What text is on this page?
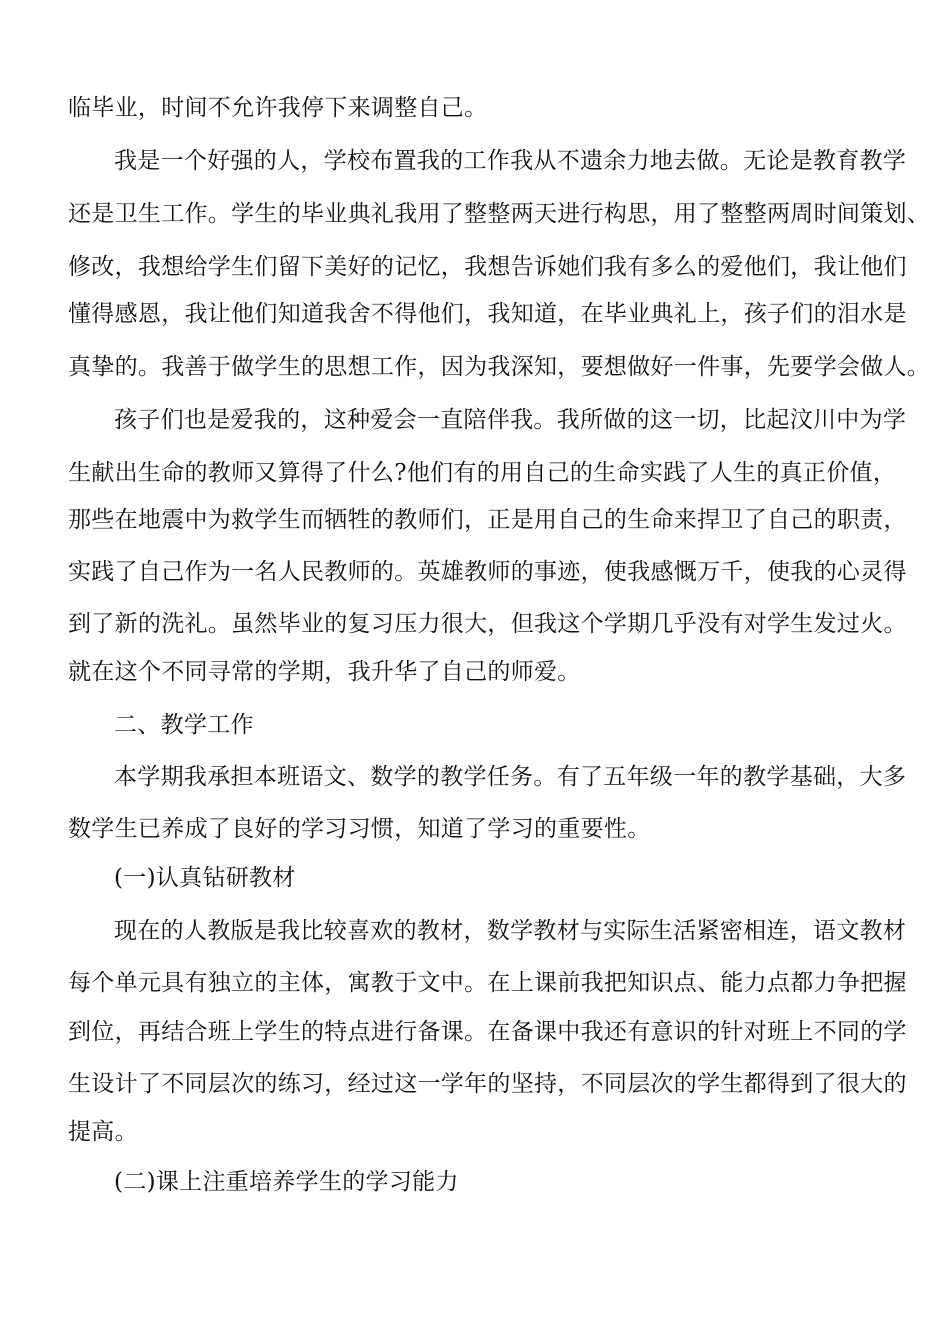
临毕业，时间不允许我停下来调整自己。
我是一个好强的人，学校布置我的工作我从不遗余力地去做。无论是教育教学
还是卫生工作。学生的毕业典礼我用了整整两天进行构思，用了整整两周时间策划、
修改，我想给学生们留下美好的记忆，我想告诉她们我有多么的爱他们，我让他们
懂得感恩，我让他们知道我舍不得他们，我知道，在毕业典礼上，孩子们的泪水是
真挚的。我善于做学生的思想工作，因为我深知，要想做好一件事，先要学会做人。
孩子们也是爱我的，这种爱会一直陪伴我。我所做的这一切，比起汶川中为学
生献出生命的教师又算得了什么?他们有的用自己的生命实践了人生的真正价值，
那些在地震中为救学生而牺牲的教师们，正是用自己的生命来捍卫了自己的职责，
实践了自己作为一名人民教师的。英雄教师的事迹，使我感慨万千，使我的心灵得
到了新的洗礼。虽然毕业的复习压力很大，但我这个学期几乎没有对学生发过火。
就在这个不同寻常的学期，我升华了自己的师爱。
二、教学工作
本学期我承担本班语文、数学的教学任务。有了五年级一年的教学基础，大多
数学生已养成了良好的学习习惯，知道了学习的重要性。
(一)认真钻研教材
现在的人教版是我比较喜欢的教材，数学教材与实际生活紧密相连，语文教材
每个单元具有独立的主体，寓教于文中。在上课前我把知识点、能力点都力争把握
到位，再结合班上学生的特点进行备课。在备课中我还有意识的针对班上不同的学
生设计了不同层次的练习，经过这一学年的坚持，不同层次的学生都得到了很大的
提高。
(二)课上注重培养学生的学习能力
